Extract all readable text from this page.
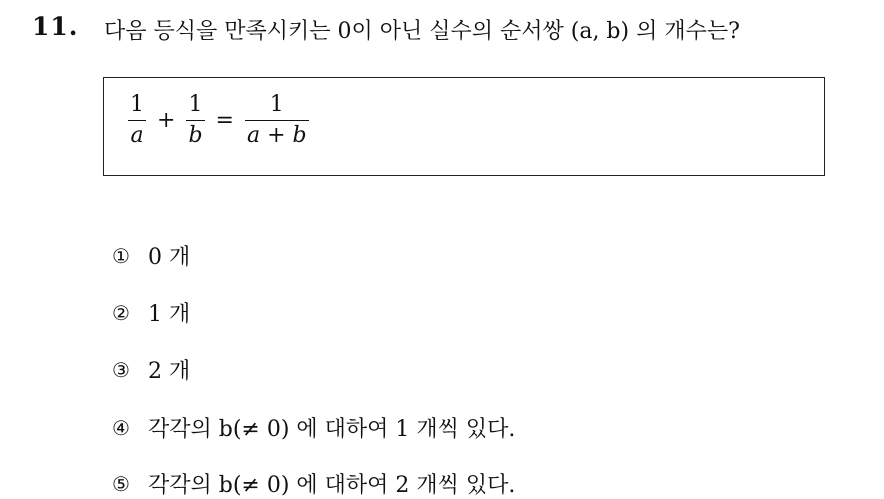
11. 다음 등식을 만족시키는 0이 아닌 실수의 순서쌍 (a, b) 의 개수는?
$\frac{1}{a} + \frac{1}{b} = \frac{1}{a + b}$
① 0 개
② 1 개
③ 2 개
④ 각각의 b(≠ 0) 에 대하여 1 개씩 있다.
⑤ 각각의 b(≠ 0) 에 대하여 2 개씩 있다.
